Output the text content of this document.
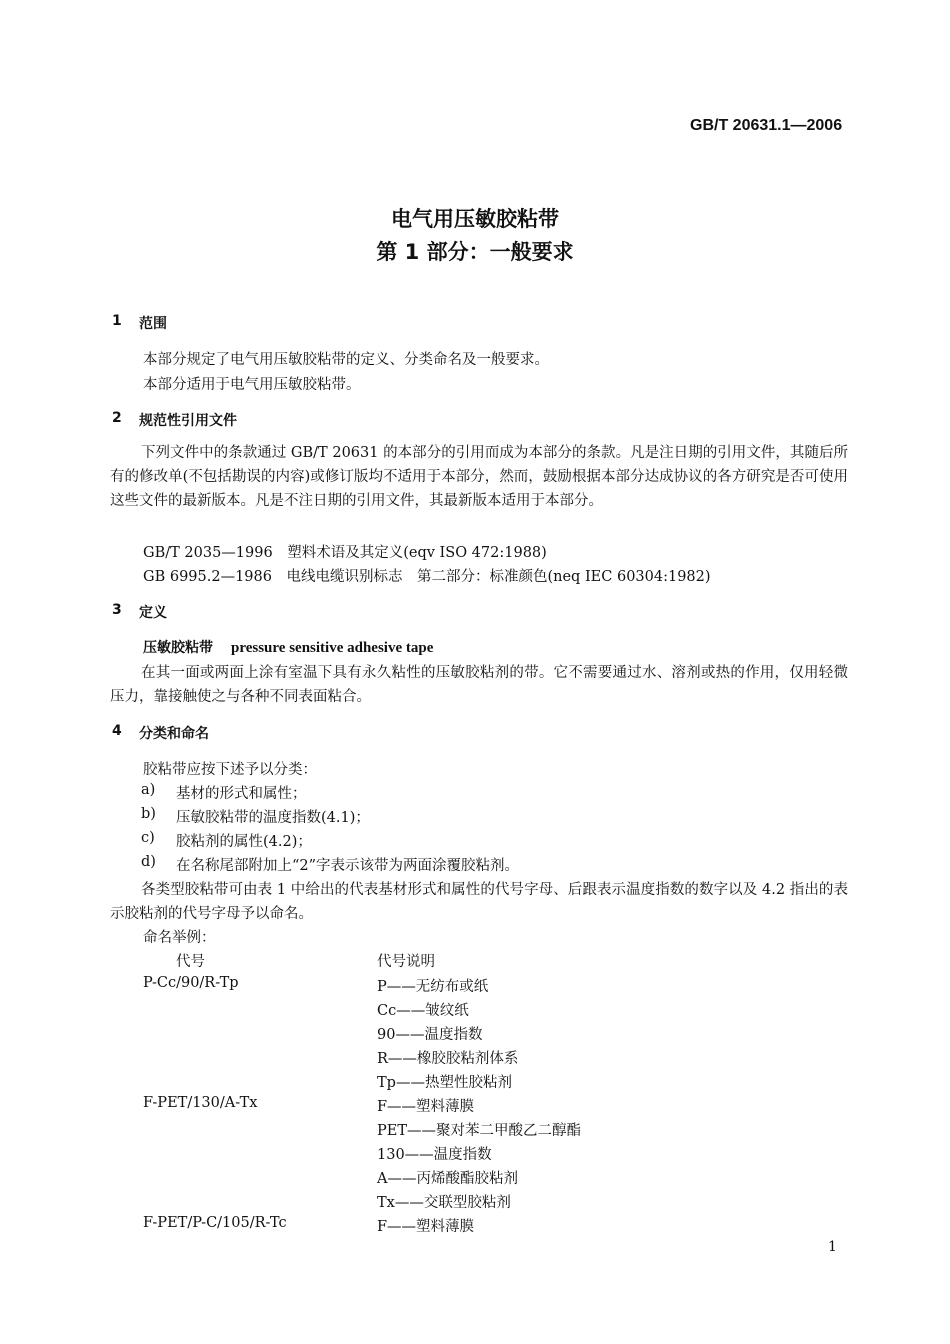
GB/T 20631.1—2006
电气用压敏胶粘带
第 1 部分：一般要求
1 范围
本部分规定了电气用压敏胶粘带的定义、分类命名及一般要求。
本部分适用于电气用压敏胶粘带。
2 规范性引用文件
下列文件中的条款通过 GB/T 20631 的本部分的引用而成为本部分的条款。凡是注日期的引用文件，其随后所有的修改单(不包括勘误的内容)或修订版均不适用于本部分，然而，鼓励根据本部分达成协议的各方研究是否可使用这些文件的最新版本。凡是不注日期的引用文件，其最新版本适用于本部分。
GB/T 2035—1996　塑料术语及其定义(eqv ISO 472:1988)
GB 6995.2—1986　电线电缆识别标志　第二部分：标准颜色(neq IEC 60304:1982)
3 定义
压敏胶粘带 pressure sensitive adhesive tape
在其一面或两面上涂有室温下具有永久粘性的压敏胶粘剂的带。它不需要通过水、溶剂或热的作用，仅用轻微压力，靠接触使之与各种不同表面粘合。
4 分类和命名
胶粘带应按下述予以分类：
a) 基材的形式和属性；
b) 压敏胶粘带的温度指数(4.1)；
c) 胶粘剂的属性(4.2)；
d) 在名称尾部附加上“2”字表示该带为两面涂覆胶粘剂。
各类型胶粘带可由表 1 中给出的代表基材形式和属性的代号字母、后跟表示温度指数的数字以及 4.2 指出的表示胶粘剂的代号字母予以命名。
命名举例：
代号	代号说明
P-Cc/90/R-Tp	P——无纺布或纸
Cc——皱纹纸
90——温度指数
R——橡胶胶粘剂体系
Tp——热塑性胶粘剂
F-PET/130/A-Tx	F——塑料薄膜
PET——聚对苯二甲酸乙二醇酯
130——温度指数
A——丙烯酸酯胶粘剂
Tx——交联型胶粘剂
F-PET/P-C/105/R-Tc	F——塑料薄膜
1
